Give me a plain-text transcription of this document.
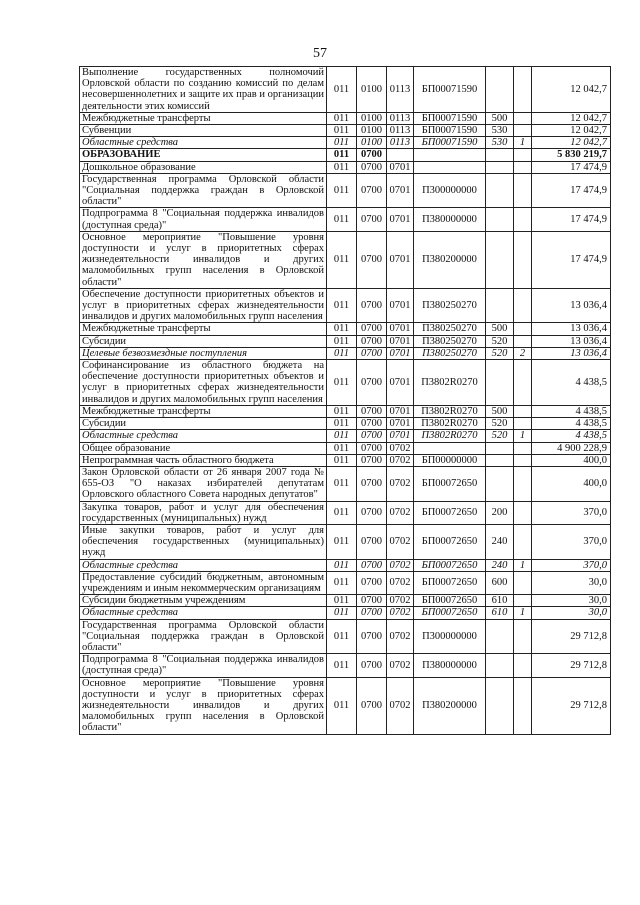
57
Выполнение государственных полномочий Орловской области по созданию комиссий по делам несовершеннолетних и защите их прав и организации деятельности этих комиссий	011	0100	0113	БП00071590			12 042,7
Межбюджетные трансферты	011	0100	0113	БП00071590	500		12 042,7
Субвенции	011	0100	0113	БП00071590	530		12 042,7
Областные средства	011	0100	0113	БП00071590	530	1	12 042,7
ОБРАЗОВАНИЕ	011	0700					5 830 219,7
Дошкольное образование	011	0700	0701				17 474,9
Государственная программа Орловской области "Социальная поддержка граждан в Орловской области"	011	0700	0701	П300000000			17 474,9
Подпрограмма 8 "Социальная поддержка инвалидов (доступная среда)"	011	0700	0701	П380000000			17 474,9
Основное мероприятие "Повышение уровня доступности и услуг в приоритетных сферах жизнедеятельности инвалидов и других маломобильных групп населения в Орловской области"	011	0700	0701	П380200000			17 474,9
Обеспечение доступности приоритетных объектов и услуг в приоритетных сферах жизнедеятельности инвалидов и других маломобильных групп населения	011	0700	0701	П380250270			13 036,4
Межбюджетные трансферты	011	0700	0701	П380250270	500		13 036,4
Субсидии	011	0700	0701	П380250270	520		13 036,4
Целевые безвозмездные поступления	011	0700	0701	П380250270	520	2	13 036,4
Софинансирование из областного бюджета на обеспечение доступности приоритетных объектов и услуг в приоритетных сферах жизнедеятельности инвалидов и других маломобильных групп населения	011	0700	0701	П3802R0270			4 438,5
Межбюджетные трансферты	011	0700	0701	П3802R0270	500		4 438,5
Субсидии	011	0700	0701	П3802R0270	520		4 438,5
Областные средства	011	0700	0701	П3802R0270	520	1	4 438,5
Общее образование	011	0700	0702				4 900 228,9
Непрограммная часть областного бюджета	011	0700	0702	БП00000000			400,0
Закон Орловской области от 26 января 2007 года № 655-ОЗ "О наказах избирателей депутатам Орловского областного Совета народных депутатов"	011	0700	0702	БП00072650			400,0
Закупка товаров, работ и услуг для обеспечения государственных (муниципальных) нужд	011	0700	0702	БП00072650	200		370,0
Иные закупки товаров, работ и услуг для обеспечения государственных (муниципальных) нужд	011	0700	0702	БП00072650	240		370,0
Областные средства	011	0700	0702	БП00072650	240	1	370,0
Предоставление субсидий бюджетным, автономным учреждениям и иным некоммерческим организациям	011	0700	0702	БП00072650	600		30,0
Субсидии бюджетным учреждениям	011	0700	0702	БП00072650	610		30,0
Областные средства	011	0700	0702	БП00072650	610	1	30,0
Государственная программа Орловской области "Социальная поддержка граждан в Орловской области"	011	0700	0702	П300000000			29 712,8
Подпрограмма 8 "Социальная поддержка инвалидов (доступная среда)"	011	0700	0702	П380000000			29 712,8
Основное мероприятие "Повышение уровня доступности и услуг в приоритетных сферах жизнедеятельности инвалидов и других маломобильных групп населения в Орловской области"	011	0700	0702	П380200000			29 712,8
